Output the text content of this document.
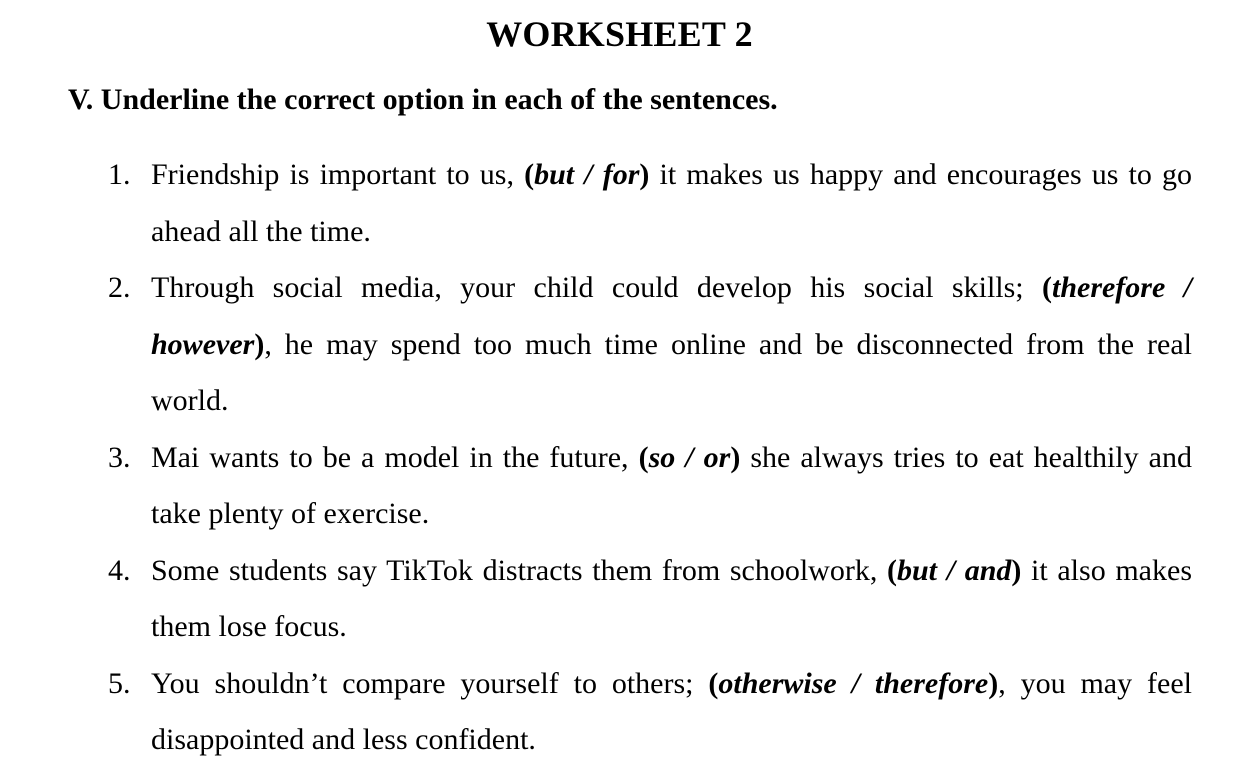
WORKSHEET 2
V. Underline the correct option in each of the sentences.
1. Friendship is important to us, (but / for) it makes us happy and encourages us to go ahead all the time.
2. Through social media, your child could develop his social skills; (therefore / however), he may spend too much time online and be disconnected from the real world.
3. Mai wants to be a model in the future, (so / or) she always tries to eat healthily and take plenty of exercise.
4. Some students say TikTok distracts them from schoolwork, (but / and) it also makes them lose focus.
5. You shouldn’t compare yourself to others; (otherwise / therefore), you may feel disappointed and less confident.
